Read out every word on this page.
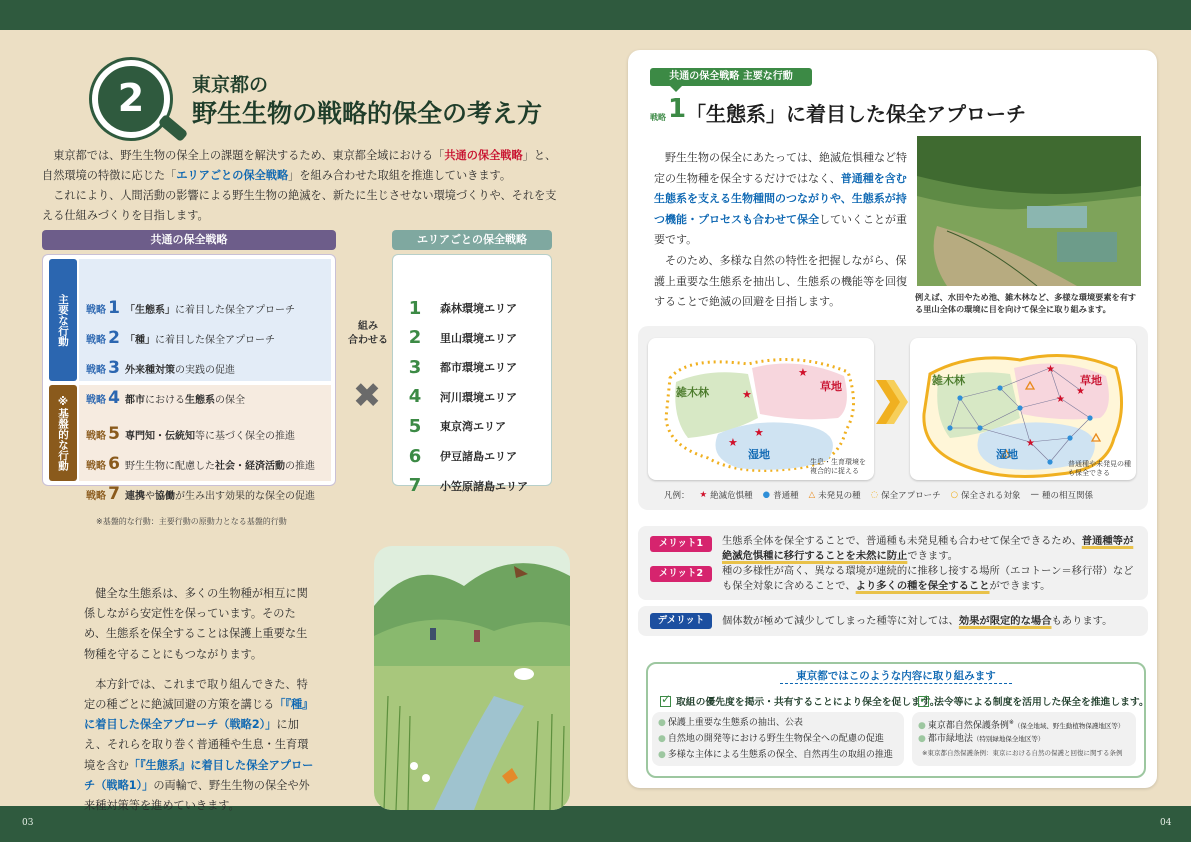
03	04
2	東京都の
野生生物の戦略的保全の考え方

東京都では、野生生物の保全上の課題を解決するため、東京都全域における「共通の保全戦略」と、自然環境の特徴に応じた「エリアごとの保全戦略」を組み合わせた取組を推進していきます。

これにより、人間活動の影響による野生生物の絶滅を、新たに生じさせない環境づくりや、それを支える仕組みづくりを目指します。

共通の保全戦略
主要な行動
※基盤的な行動
戦略 1 「生態系」に着目した保全アプローチ
戦略 2 「種」に着目した保全アプローチ
戦略 3 外来種対策の実践の促進
戦略 4 都市における生態系の保全
戦略 5 専門知・伝統知等に基づく保全の推進
戦略 6 野生生物に配慮した社会・経済活動の推進
戦略 7 連携や協働が生み出す効果的な保全の促進
※基盤的な行動：主要行動の原動力となる基盤的行動
組み
合わせる
✖
エリアごとの保全戦略
1	森林環境エリア
2	里山環境エリア
3	都市環境エリア
4	河川環境エリア
5	東京湾エリア
6	伊豆諸島エリア
7	小笠原諸島エリア

健全な生態系は、多くの生物種が相互に関係しながら安定性を保っています。そのため、生態系を保全することは保護上重要な生物種を守ることにもつながります。

本方針では、これまで取り組んできた、特定の種ごとに絶滅回避の方策を講じる「『種』に着目した保全アプローチ（戦略2）」に加え、それらを取り巻く普通種や生息・生育環境を含む「『生態系』に着目した保全アプローチ（戦略1）」の両輪で、野生生物の保全や外来種対策等を進めていきます。

共通の保全戦略 主要な行動
戦略 1 「生態系」に着目した保全アプローチ

野生生物の保全にあたっては、絶滅危惧種など特定の生物種を保全するだけではなく、普通種を含む生態系を支える生物種間のつながりや、生態系が持つ機能・プロセスも合わせて保全していくことが重要です。

そのため、多様な自然の特性を把握しながら、保護上重要な生態系を抽出し、生態系の機能等を回復することで絶滅の回避を目指します。	例えば、水田やため池、雑木林など、多様な環境要素を有する里山全体の環境に目を向けて保全に取り組みます。
雑木林	草地
湿地
生息・生育環境を複合的に捉える
★
★
★
★
★
★
★
★
雑木林	草地
湿地
普通種や未発見の種も保全できる
凡例： ★ 絶滅危惧種 ● 普通種 △ 未発見の種 ◌ 保全アプローチ ○ 保全される対象 — 種の相互関係
メリット1	生態系全体を保全することで、普通種も未発見種も合わせて保全できるため、普通種等が絶滅危惧種に移行することを未然に防止できます。
メリット2	種の多様性が高く、異なる環境が連続的に推移し接する場所（エコトーン＝移行帯）なども保全対象に含めることで、より多くの種を保全することができます。
デメリット	個体数が極めて減少してしまった種等に対しては、効果が限定的な場合もあります。
東京都ではこのような内容に取り組みます
✓
取組の優先度を掲示・共有することにより保全を促します。
✓
法令等による制度を活用した保全を推進します。
● 保護上重要な生態系の抽出、公表
● 自然地の開発等における野生生物保全への配慮の促進
● 多様な主体による生態系の保全、自然再生の取組の推進
● 東京都自然保護条例※（保全地域、野生動植物保護地区等）
● 都市緑地法（特別緑地保全地区等）
※東京都自然保護条例：東京における自然の保護と回復に関する条例
